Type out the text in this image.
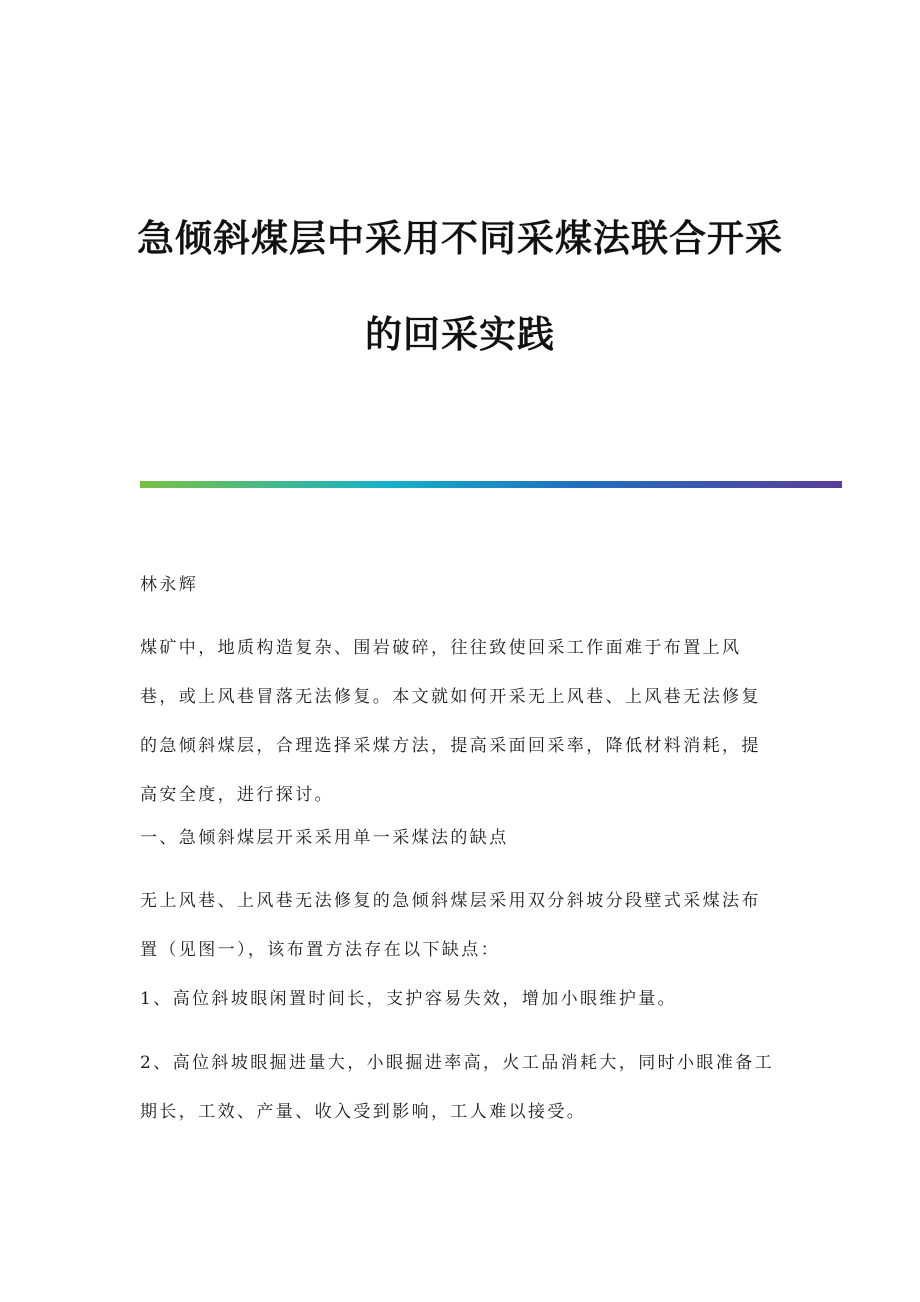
急倾斜煤层中采用不同采煤法联合开采
的回采实践
林永辉

煤矿中，地质构造复杂、围岩破碎，往往致使回采工作面难于布置上风巷，或上风巷冒落无法修复。本文就如何开采无上风巷、上风巷无法修复的急倾斜煤层，合理选择采煤方法，提高采面回采率，降低材料消耗，提高安全度，进行探讨。

一、急倾斜煤层开采采用单一采煤法的缺点

无上风巷、上风巷无法修复的急倾斜煤层采用双分斜坡分段壁式采煤法布置（见图一），该布置方法存在以下缺点：

1、高位斜坡眼闲置时间长，支护容易失效，增加小眼维护量。

2、高位斜坡眼掘进量大，小眼掘进率高，火工品消耗大，同时小眼准备工期长，工效、产量、收入受到影响，工人难以接受。
